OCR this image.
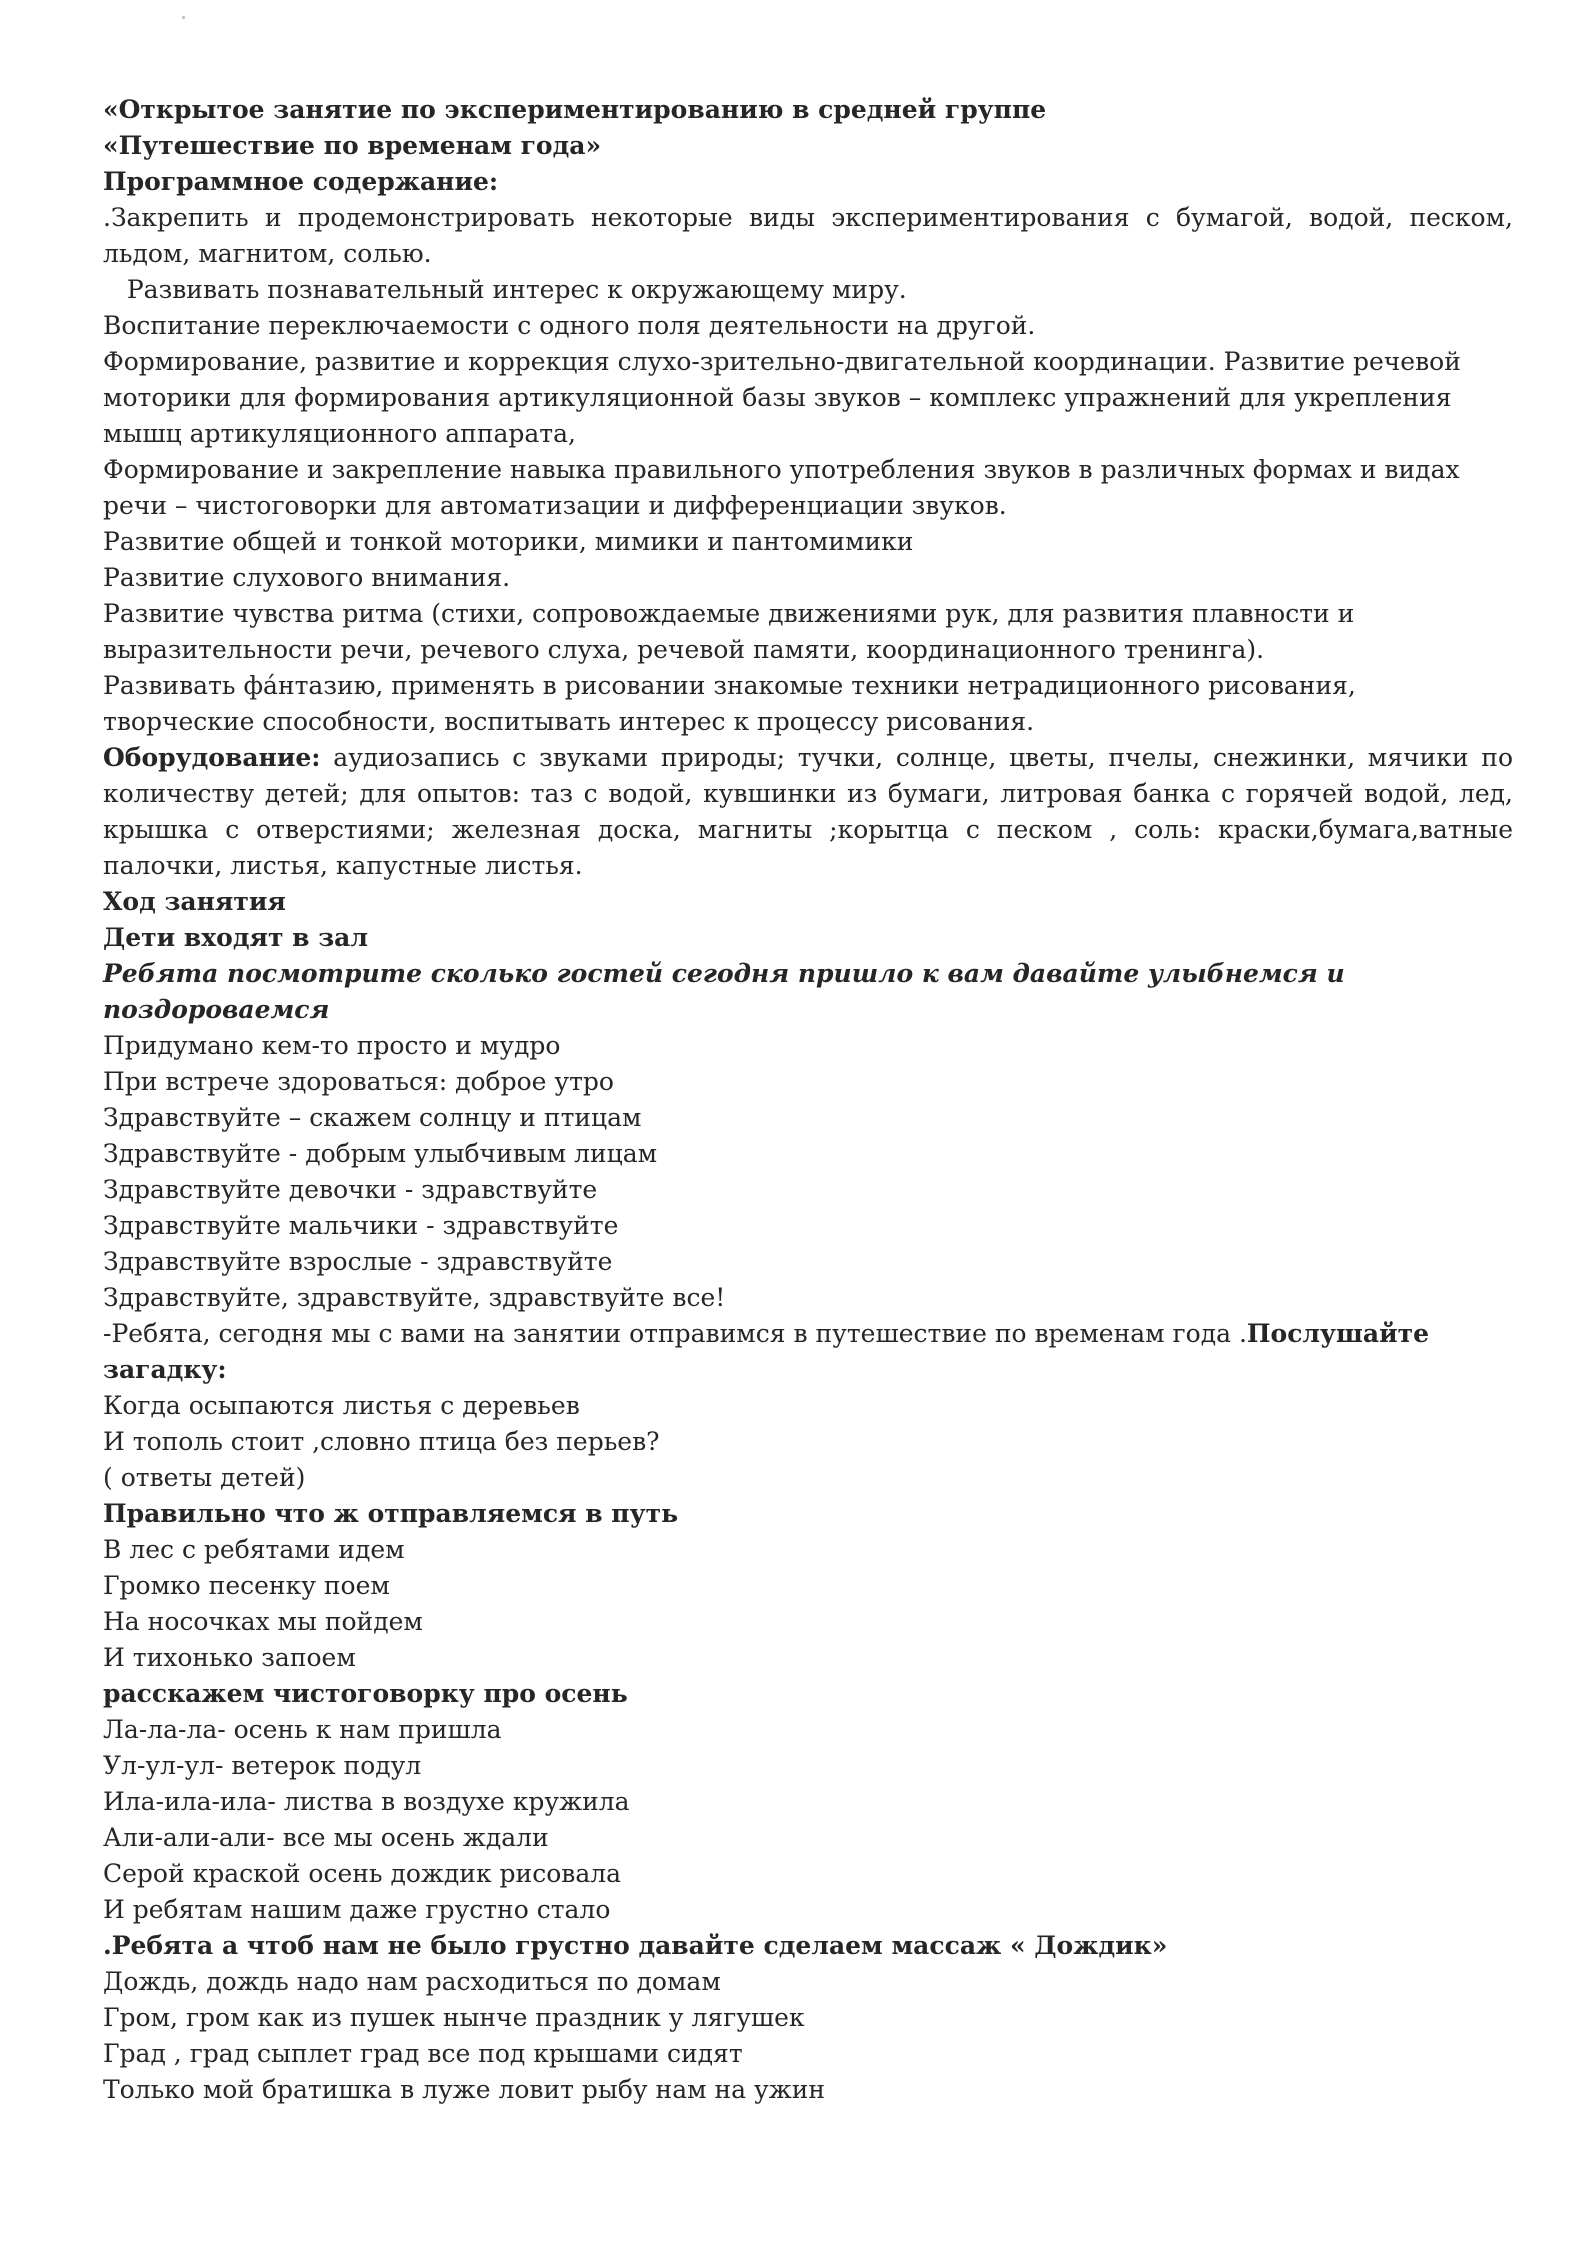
«Открытое занятие по экспериментированию в средней группе
«Путешествие по временам года»
Программное содержание:
.Закрепить и продемонстрировать некоторые виды экспериментирования с бумагой, водой, песком, льдом, магнитом, солью.
Развивать познавательный интерес к окружающему миру.
Воспитание переключаемости с одного поля деятельности на другой.
Формирование, развитие и коррекция слухо-зрительно-двигательной координации. Развитие речевой моторики для формирования артикуляционной базы звуков – комплекс упражнений для укрепления мышц артикуляционного аппарата,
Формирование и закрепление навыка правильного употребления звуков в различных формах и видах речи – чистоговорки для автоматизации и дифференциации звуков.
Развитие общей и тонкой моторики, мимики и пантомимики
Развитие слухового внимания.
Развитие чувства ритма (стихи, сопровождаемые движениями рук, для развития плавности и выразительности речи, речевого слуха, речевой памяти, координационного тренинга).
Развивать фа́нтазию, применять в рисовании знакомые техники нетрадиционного рисования, творческие способности, воспитывать интерес к процессу рисования.
Оборудование: аудиозапись с звуками природы; тучки, солнце, цветы, пчелы, снежинки, мячики по количеству детей; для опытов: таз с водой, кувшинки из бумаги, литровая банка с горячей водой, лед, крышка с отверстиями; железная доска, магниты ;корытца с песком , соль: краски,бумага,ватные палочки, листья, капустные листья.
Ход занятия
Дети входят в зал
Ребята посмотрите сколько гостей сегодня пришло к вам давайте улыбнемся и поздороваемся
Придумано кем-то просто и мудро
При встрече здороваться: доброе утро
Здравствуйте – скажем солнцу и птицам
Здравствуйте - добрым улыбчивым лицам
Здравствуйте девочки - здравствуйте
Здравствуйте мальчики - здравствуйте
Здравствуйте взрослые - здравствуйте
Здравствуйте, здравствуйте, здравствуйте все!
-Ребята, сегодня мы с вами на занятии отправимся в путешествие по временам года .Послушайте загадку:
Когда осыпаются листья с деревьев
И тополь стоит ,словно птица без перьев?
( ответы детей)
Правильно что ж отправляемся в путь
В лес с ребятами идем
Громко песенку поем
На носочках мы пойдем
И тихонько запоем
расскажем чистоговорку про осень
Ла-ла-ла- осень к нам пришла
Ул-ул-ул- ветерок подул
Ила-ила-ила- листва в воздухе кружила
Али-али-али- все мы осень ждали
Серой краской осень дождик рисовала
И ребятам нашим даже грустно стало
.Ребята а чтоб нам не было грустно давайте сделаем массаж « Дождик»
Дождь, дождь надо нам расходиться по домам
Гром, гром как из пушек нынче праздник у лягушек
Град , град сыплет град все под крышами сидят
Только мой братишка в луже ловит рыбу нам на ужин
